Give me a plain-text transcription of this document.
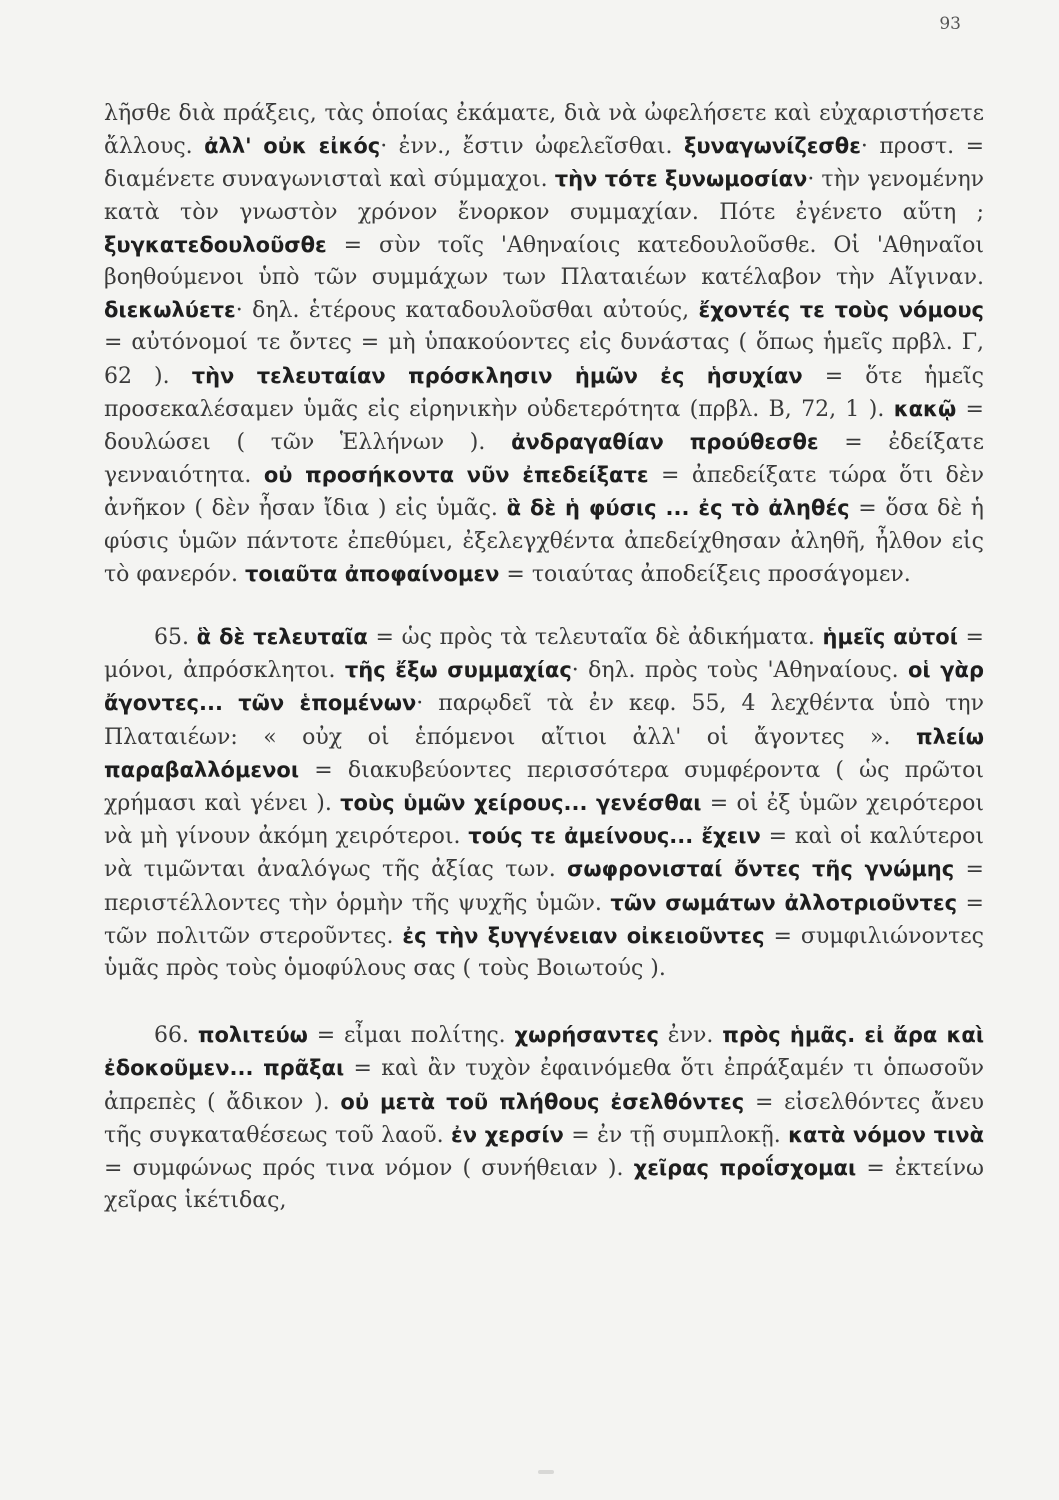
93

λῆσθε διὰ πράξεις, τὰς ὁποίας ἐκάματε, διὰ νὰ ὠφελήσετε καὶ εὐχαριστήσετε ἄλλους. ἀλλ' οὐκ εἰκός· ἐνν., ἔστιν ὠφελεῖσθαι. ξυναγωνίζεσθε· προστ. = διαμένετε συναγωνισταὶ καὶ σύμμαχοι. τὴν τότε ξυνωμοσίαν· τὴν γενομένην κατὰ τὸν γνωστὸν χρόνον ἔνορκον συμμαχίαν. Πότε ἐγένετο αὕτη ; ξυγκατεδουλοῦσθε = σὺν τοῖς 'Αθηναίοις κατεδουλοῦσθε. Οἱ 'Αθηναῖοι βοηθούμενοι ὑπὸ τῶν συμμάχων των Πλαταιέων κατέλαβον τὴν Αἴγιναν. διεκωλύετε· δηλ. ἑτέρους καταδουλοῦσθαι αὐτούς, ἔχοντές τε τοὺς νόμους = αὐτόνομοί τε ὄντες = μὴ ὑπακούοντες εἰς δυνάστας ( ὅπως ἡμεῖς πρβλ. Γ, 62 ). τὴν τελευταίαν πρόσκλησιν ἡμῶν ἐς ἡσυχίαν = ὅτε ἡμεῖς προσεκαλέσαμεν ὑμᾶς εἰς εἰρηνικὴν οὐδετερότητα (πρβλ. Β, 72, 1 ). κακῷ = δουλώσει ( τῶν Ἑλλήνων ). ἀνδραγαθίαν προύθεσθε = ἐδείξατε γενναιότητα. οὐ προσήκοντα νῦν ἐπεδείξατε = ἀπεδείξατε τώρα ὅτι δὲν ἀνῆκον ( δὲν ἦσαν ἴδια ) εἰς ὑμᾶς. ἃ δὲ ἡ φύσις ... ἐς τὸ ἀληθές = ὅσα δὲ ἡ φύσις ὑμῶν πάντοτε ἐπεθύμει, ἐξελεγχθέντα ἀπεδείχθησαν ἀληθῆ, ἦλθον εἰς τὸ φανερόν. τοιαῦτα ἀποφαίνομεν = τοιαύτας ἀποδείξεις προσάγομεν.

65. ἃ δὲ τελευταῖα = ὡς πρὸς τὰ τελευταῖα δὲ ἀδικήματα. ἡμεῖς αὐτοί = μόνοι, ἀπρόσκλητοι. τῆς ἔξω συμμαχίας· δηλ. πρὸς τοὺς 'Αθηναίους. οἱ γὰρ ἄγοντες... τῶν ἑπομένων· παρῳδεῖ τὰ ἐν κεφ. 55, 4 λεχθέντα ὑπὸ την Πλαταιέων: « οὐχ οἱ ἑπόμενοι αἴτιοι ἀλλ' οἱ ἄγοντες ». πλείω παραβαλλόμενοι = διακυβεύοντες περισσότερα συμφέροντα ( ὡς πρῶτοι χρήμασι καὶ γένει ). τοὺς ὑμῶν χείρους... γενέσθαι = οἱ ἐξ ὑμῶν χειρότεροι νὰ μὴ γίνουν ἀκόμη χειρότεροι. τούς τε ἀμείνους... ἔχειν = καὶ οἱ καλύτεροι νὰ τιμῶνται ἀναλόγως τῆς ἀξίας των. σωφρονισταί ὄντες τῆς γνώμης = περιστέλλοντες τὴν ὁρμὴν τῆς ψυχῆς ὑμῶν. τῶν σωμάτων ἀλλοτριοῦντες = τῶν πολιτῶν στεροῦντες. ἐς τὴν ξυγγένειαν οἰκειοῦντες = συμφιλιώνοντες ὑμᾶς πρὸς τοὺς ὁμοφύλους σας ( τοὺς Βοιωτούς ).

66. πολιτεύω = εἶμαι πολίτης. χωρήσαντες ἐνν. πρὸς ἡμᾶς. εἰ ἄρα καὶ ἐδοκοῦμεν... πρᾶξαι = καὶ ἂν τυχὸν ἐφαινόμεθα ὅτι ἐπράξαμέν τι ὁπωσοῦν ἀπρεπὲς ( ἄδικον ). οὐ μετὰ τοῦ πλήθους ἐσελθόντες = εἰσελθόντες ἄνευ τῆς συγκαταθέσεως τοῦ λαοῦ. ἐν χερσίν = ἐν τῇ συμπλοκῇ. κατὰ νόμον τινὰ = συμφώνως πρός τινα νόμον ( συνήθειαν ). χεῖρας προΐσχομαι = ἐκτείνω χεῖρας ἱκέτιδας,
